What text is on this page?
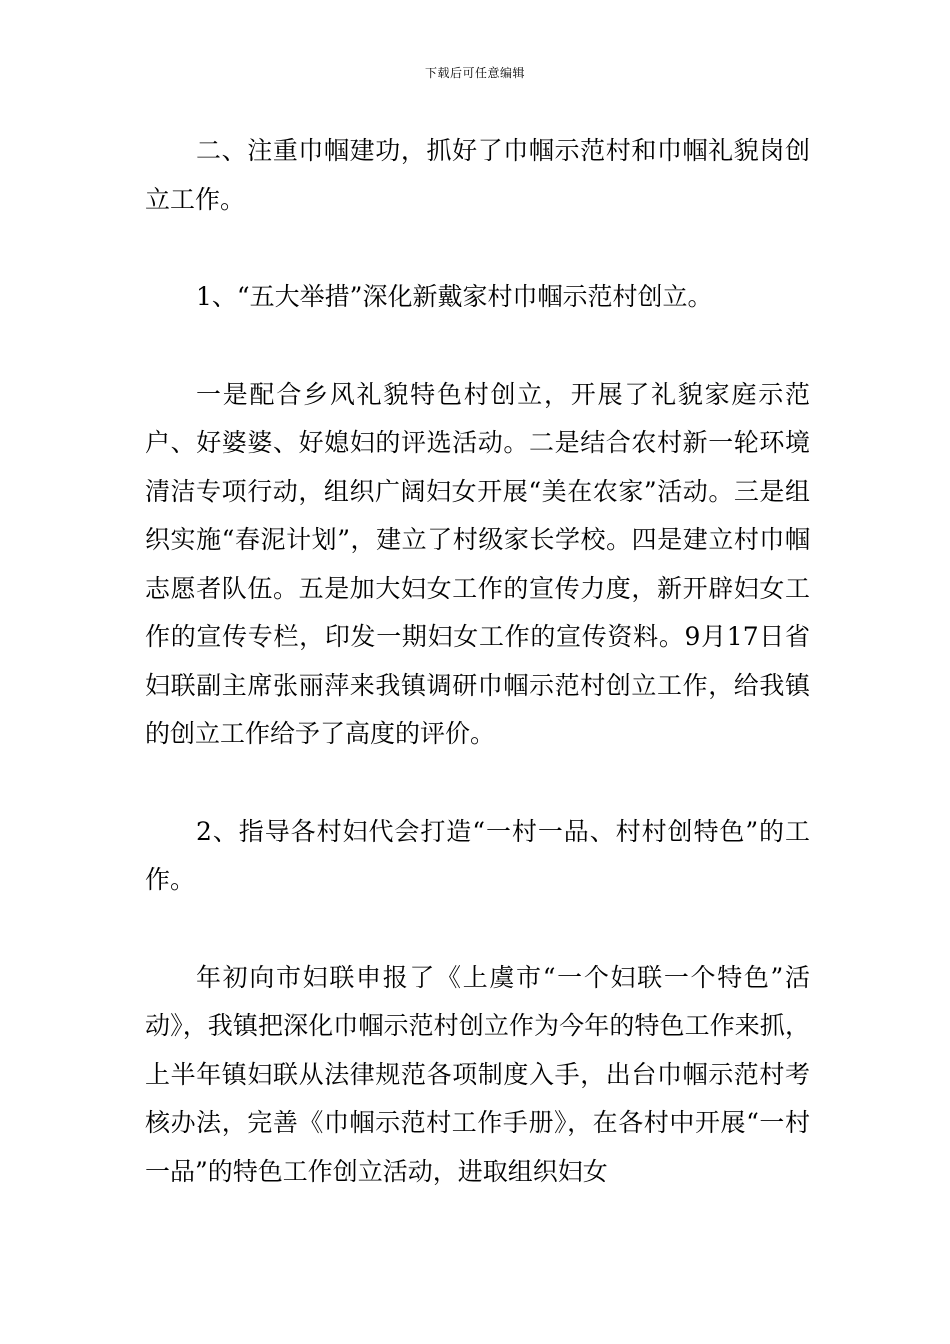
下载后可任意编辑

二、注重巾帼建功，抓好了巾帼示范村和巾帼礼貌岗创立工作。

1、“五大举措”深化新戴家村巾帼示范村创立。

一是配合乡风礼貌特色村创立，开展了礼貌家庭示范户、好婆婆、好媳妇的评选活动。二是结合农村新一轮环境清洁专项行动，组织广阔妇女开展“美在农家”活动。三是组织实施“春泥计划”，建立了村级家长学校。四是建立村巾帼志愿者队伍。五是加大妇女工作的宣传力度，新开辟妇女工作的宣传专栏，印发一期妇女工作的宣传资料。9月17日省妇联副主席张丽萍来我镇调研巾帼示范村创立工作，给我镇的创立工作给予了高度的评价。

2、指导各村妇代会打造“一村一品、村村创特色”的工作。

年初向市妇联申报了《上虞市“一个妇联一个特色”活动》，我镇把深化巾帼示范村创立作为今年的特色工作来抓，上半年镇妇联从法律规范各项制度入手，出台巾帼示范村考核办法，完善《巾帼示范村工作手册》，在各村中开展“一村一品”的特色工作创立活动，进取组织妇女
